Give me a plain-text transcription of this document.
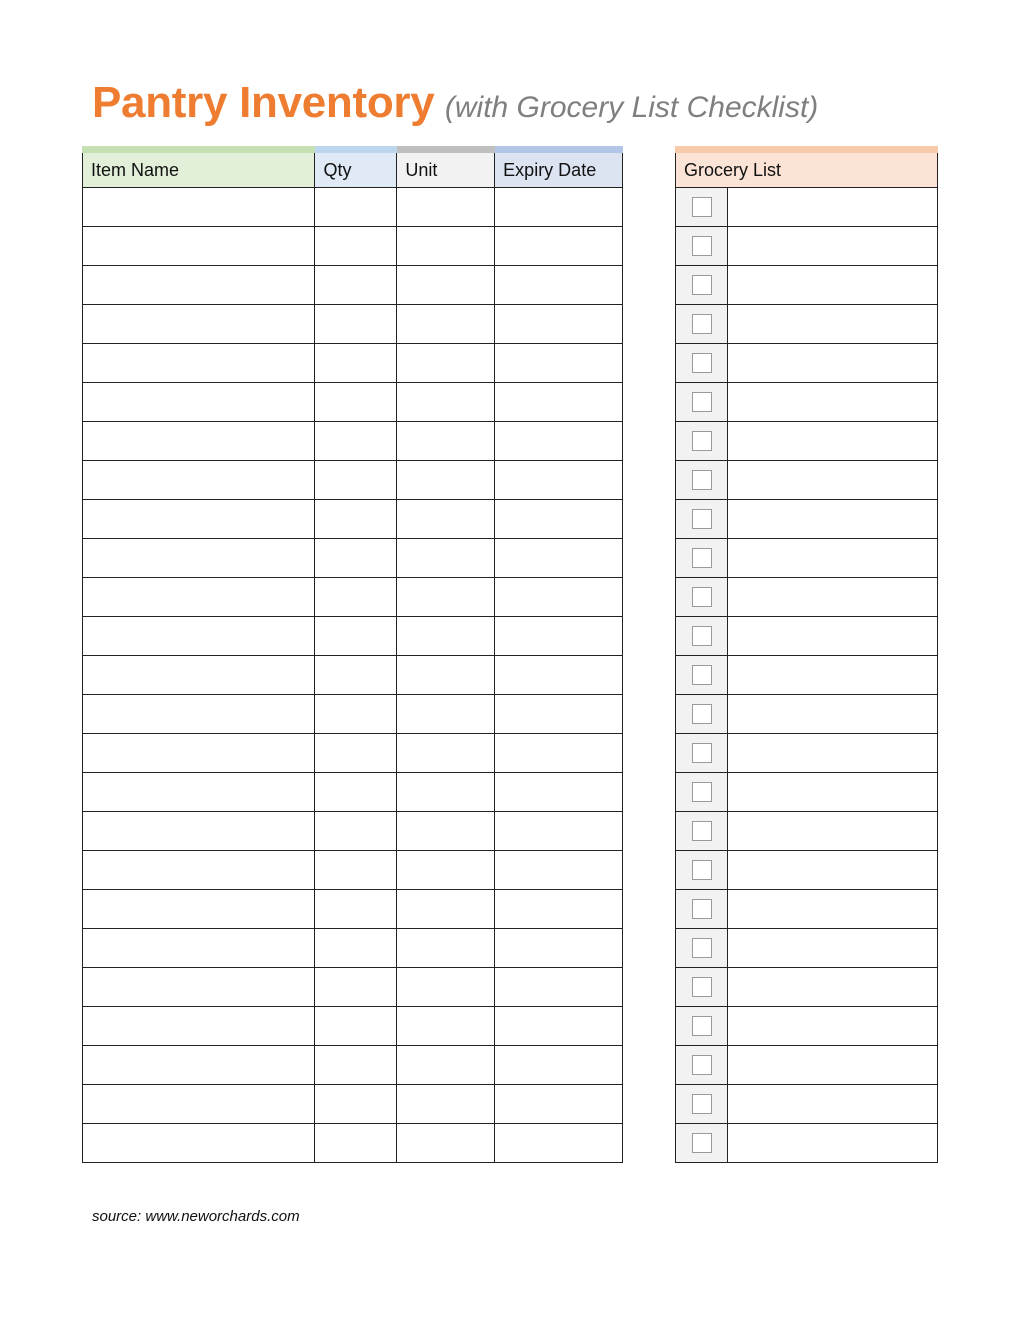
Pantry Inventory (with Grocery List Checklist)
Item Name	Qty	Unit	Expiry Date

				Grocery List	

source: www.neworchards.com
